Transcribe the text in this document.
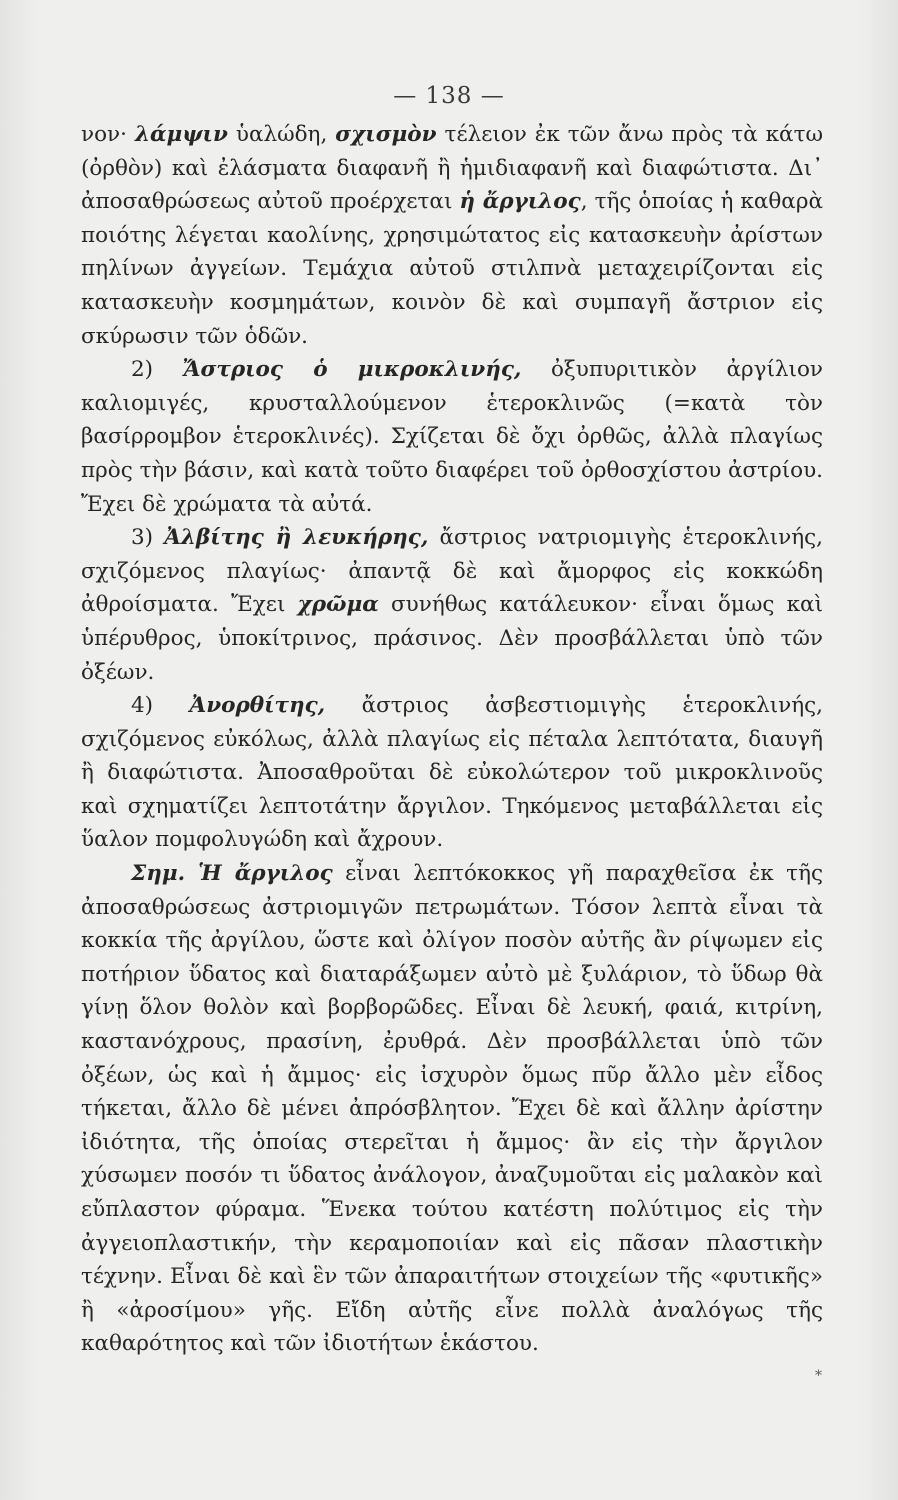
— 138 —

νον· λάμψιν ὑαλώδη, σχισμὸν τέλειον ἐκ τῶν ἄνω πρὸς τὰ κάτω (ὀρθὸν) καὶ ἐλάσματα διαφανῆ ἢ ἡμιδιαφανῆ καὶ διαφώτιστα. Δι᾿ ἀποσαθρώσεως αὐτοῦ προέρχεται ἡ ἄργιλος, τῆς ὁποίας ἡ καθαρὰ ποιότης λέγεται καολίνης, χρησιμώτατος εἰς κατασκευὴν ἀρίστων πηλίνων ἀγγείων. Τεμάχια αὐτοῦ στιλπνὰ μεταχειρίζονται εἰς κατασκευὴν κοσμημάτων, κοινὸν δὲ καὶ συμπαγῆ ἄστριον εἰς σκύρωσιν τῶν ὁδῶν.

2) Ἄστριος ὁ μικροκλινής, ὀξυπυριτικὸν ἀργίλιον καλιομιγές, κρυσταλλούμενον ἑτεροκλινῶς (=κατὰ τὸν βασίρρομβον ἑτεροκλινές). Σχίζεται δὲ ὄχι ὀρθῶς, ἀλλὰ πλαγίως πρὸς τὴν βάσιν, καὶ κατὰ τοῦτο διαφέρει τοῦ ὀρθοσχίστου ἀστρίου. Ἔχει δὲ χρώματα τὰ αὐτά.

3) Ἀλβίτης ἢ λευκήρης, ἄστριος νατριομιγὴς ἑτεροκλινής, σχιζόμενος πλαγίως· ἀπαντᾷ δὲ καὶ ἄμορφος εἰς κοκκώδη ἀθροίσματα. Ἔχει χρῶμα συνήθως κατάλευκον· εἶναι ὅμως καὶ ὑπέρυθρος, ὑποκίτρινος, πράσινος. Δὲν προσβάλλεται ὑπὸ τῶν ὀξέων.

4) Ἀνορθίτης, ἄστριος ἀσβεστιομιγὴς ἑτεροκλινής, σχιζόμενος εὐκόλως, ἀλλὰ πλαγίως εἰς πέταλα λεπτότατα, διαυγῆ ἢ διαφώτιστα. Ἀποσαθροῦται δὲ εὐκολώτερον τοῦ μικροκλινοῦς καὶ σχηματίζει λεπτοτάτην ἄργιλον. Τηκόμενος μεταβάλλεται εἰς ὕαλον πομφολυγώδη καὶ ἄχρουν.

Σημ. Ἡ ἄργιλος εἶναι λεπτόκοκκος γῆ παραχθεῖσα ἐκ τῆς ἀποσαθρώσεως ἀστριομιγῶν πετρωμάτων. Τόσον λεπτὰ εἶναι τὰ κοκκία τῆς ἀργίλου, ὥστε καὶ ὀλίγον ποσὸν αὐτῆς ἂν ρίψωμεν εἰς ποτήριον ὕδατος καὶ διαταράξωμεν αὐτὸ μὲ ξυλάριον, τὸ ὕδωρ θὰ γίνῃ ὅλον θολὸν καὶ βορβορῶδες. Εἶναι δὲ λευκή, φαιά, κιτρίνη, καστανόχρους, πρασίνη, ἐρυθρά. Δὲν προσβάλλεται ὑπὸ τῶν ὀξέων, ὡς καὶ ἡ ἄμμος· εἰς ἰσχυρὸν ὅμως πῦρ ἄλλο μὲν εἶδος τήκεται, ἄλλο δὲ μένει ἀπρόσβλητον. Ἔχει δὲ καὶ ἄλλην ἀρίστην ἰδιότητα, τῆς ὁποίας στερεῖται ἡ ἄμμος· ἂν εἰς τὴν ἄργιλον χύσωμεν ποσόν τι ὕδατος ἀνάλογον, ἀναζυμοῦται εἰς μαλακὸν καὶ εὔπλαστον φύραμα. Ἕνεκα τούτου κατέστη πολύτιμος εἰς τὴν ἀγγειοπλαστικήν, τὴν κεραμοποιίαν καὶ εἰς πᾶσαν πλαστικὴν τέχνην. Εἶναι δὲ καὶ ἓν τῶν ἀπαραιτήτων στοιχείων τῆς «φυτικῆς» ἢ «ἀροσίμου» γῆς. Εἴδη αὐτῆς εἶνε πολλὰ ἀναλόγως τῆς καθαρότητος καὶ τῶν ἰδιοτήτων ἑκάστου.

*
